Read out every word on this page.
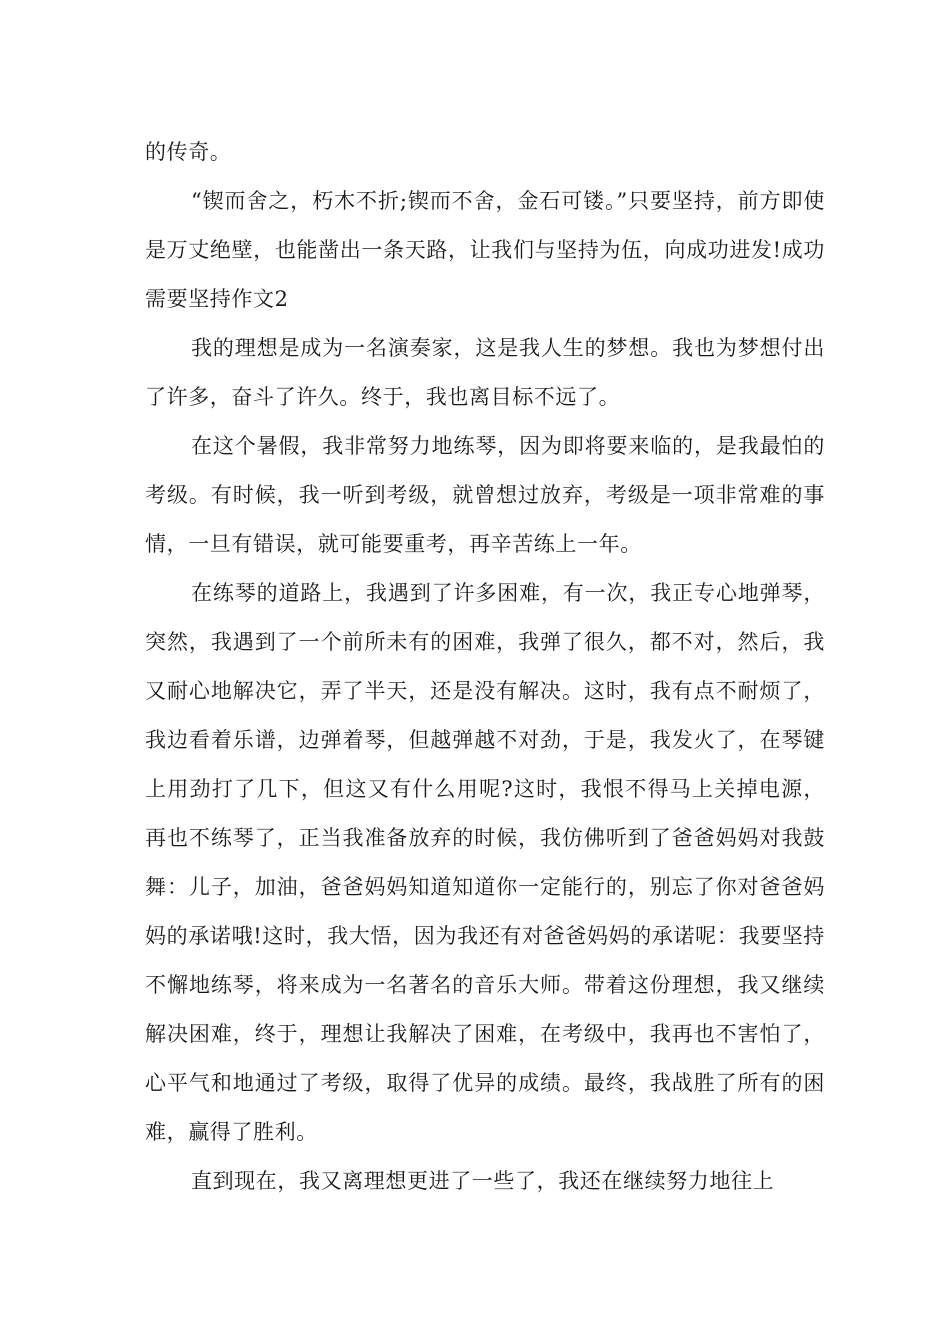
的传奇。

“锲而舍之，朽木不折;锲而不舍，金石可镂。”只要坚持，前方即使是万丈绝壁，也能凿出一条天路，让我们与坚持为伍，向成功进发!成功需要坚持作文2

我的理想是成为一名演奏家，这是我人生的梦想。我也为梦想付出了许多，奋斗了许久。终于，我也离目标不远了。

在这个暑假，我非常努力地练琴，因为即将要来临的，是我最怕的考级。有时候，我一听到考级，就曾想过放弃，考级是一项非常难的事情，一旦有错误，就可能要重考，再辛苦练上一年。

在练琴的道路上，我遇到了许多困难，有一次，我正专心地弹琴，突然，我遇到了一个前所未有的困难，我弹了很久，都不对，然后，我又耐心地解决它，弄了半天，还是没有解决。这时，我有点不耐烦了，我边看着乐谱，边弹着琴，但越弹越不对劲，于是，我发火了，在琴键上用劲打了几下，但这又有什么用呢?这时，我恨不得马上关掉电源，再也不练琴了，正当我准备放弃的时候，我仿佛听到了爸爸妈妈对我鼓舞：儿子，加油，爸爸妈妈知道知道你一定能行的，别忘了你对爸爸妈妈的承诺哦!这时，我大悟，因为我还有对爸爸妈妈的承诺呢：我要坚持不懈地练琴，将来成为一名著名的音乐大师。带着这份理想，我又继续解决困难，终于，理想让我解决了困难，在考级中，我再也不害怕了，心平气和地通过了考级，取得了优异的成绩。最终，我战胜了所有的困难，赢得了胜利。

直到现在，我又离理想更进了一些了，我还在继续努力地往上
